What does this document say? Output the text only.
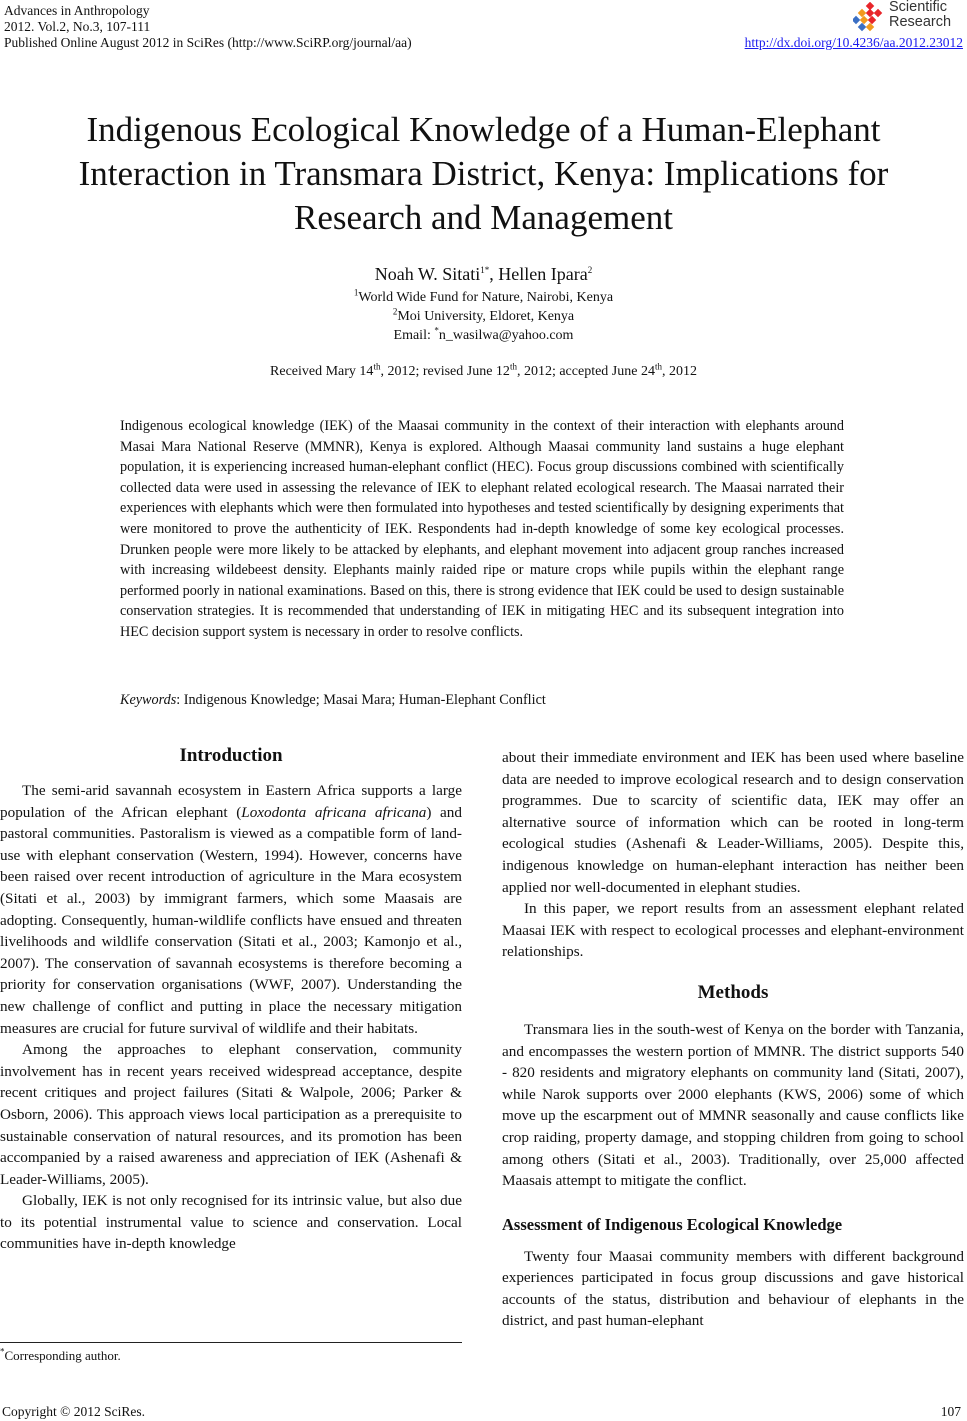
Advances in Anthropology
2012. Vol.2, No.3, 107-111
Published Online August 2012 in SciRes (http://www.SciRP.org/journal/aa)	http://dx.doi.org/10.4236/aa.2012.23012
Scientific
Research
Indigenous Ecological Knowledge of a Human-Elephant
Interaction in Transmara District, Kenya: Implications for
Research and Management
Noah W. Sitati$^{1*}$, Hellen Ipara$^2$
$^1$World Wide Fund for Nature, Nairobi, Kenya
$^2$Moi University, Eldoret, Kenya
Email: *n_wasilwa@yahoo.com
Received Mary 14th, 2012; revised June 12th, 2012; accepted June 24th, 2012
Indigenous ecological knowledge (IEK) of the Maasai community in the context of their interaction with elephants around Masai Mara National Reserve (MMNR), Kenya is explored. Although Maasai community land sustains a huge elephant population, it is experiencing increased human-elephant conflict (HEC). Focus group discussions combined with scientifically collected data were used in assessing the relevance of IEK to elephant related ecological research. The Maasai narrated their experiences with elephants which were then formulated into hypotheses and tested scientifically by designing experiments that were monitored to prove the authenticity of IEK. Respondents had in-depth knowledge of some key ecological processes. Drunken people were more likely to be attacked by elephants, and elephant movement into adjacent group ranches increased with increasing wildebeest density. Elephants mainly raided ripe or mature crops while pupils within the elephant range performed poorly in national examinations. Based on this, there is strong evidence that IEK could be used to design sustainable conservation strategies. It is recommended that understanding of IEK in mitigating HEC and its subsequent integration into HEC decision support system is necessary in order to resolve conflicts.
Keywords: Indigenous Knowledge; Masai Mara; Human-Elephant Conflict
Introduction

The semi-arid savannah ecosystem in Eastern Africa supports a large population of the African elephant (Loxodonta africana africana) and pastoral communities. Pastoralism is viewed as a compatible form of land-use with elephant conservation (Western, 1994). However, concerns have been raised over recent introduction of agriculture in the Mara ecosystem (Sitati et al., 2003) by immigrant farmers, which some Maasais are adopting. Consequently, human-wildlife conflicts have ensued and threaten livelihoods and wildlife conservation (Sitati et al., 2003; Kamonjo et al., 2007). The conservation of savannah ecosystems is therefore becoming a priority for conservation organisations (WWF, 2007). Understanding the new challenge of conflict and putting in place the necessary mitigation measures are crucial for future survival of wildlife and their habitats.

Among the approaches to elephant conservation, community involvement has in recent years received widespread acceptance, despite recent critiques and project failures (Sitati & Walpole, 2006; Parker & Osborn, 2006). This approach views local participation as a prerequisite to sustainable conservation of natural resources, and its promotion has been accompanied by a raised awareness and appreciation of IEK (Ashenafi & Leader-Williams, 2005).

Globally, IEK is not only recognised for its intrinsic value, but also due to its potential instrumental value to science and conservation. Local communities have in-depth knowledge

about their immediate environment and IEK has been used where baseline data are needed to improve ecological research and to design conservation programmes. Due to scarcity of scientific data, IEK may offer an alternative source of information which can be rooted in long-term ecological studies (Ashenafi & Leader-Williams, 2005). Despite this, indigenous knowledge on human-elephant interaction has neither been applied nor well-documented in elephant studies.

In this paper, we report results from an assessment elephant related Maasai IEK with respect to ecological processes and elephant-environment relationships.

Methods

Transmara lies in the south-west of Kenya on the border with Tanzania, and encompasses the western portion of MMNR. The district supports 540 - 820 residents and migratory elephants on community land (Sitati, 2007), while Narok supports over 2000 elephants (KWS, 2006) some of which move up the escarpment out of MMNR seasonally and cause conflicts like crop raiding, property damage, and stopping children from going to school among others (Sitati et al., 2003). Traditionally, over 25,000 affected Maasais attempt to mitigate the conflict.

Assessment of Indigenous Ecological Knowledge

Twenty four Maasai community members with different background experiences participated in focus group discussions and gave historical accounts of the status, distribution and behaviour of elephants in the district, and past human-elephant

*Corresponding author.
Copyright © 2012 SciRes.	107
